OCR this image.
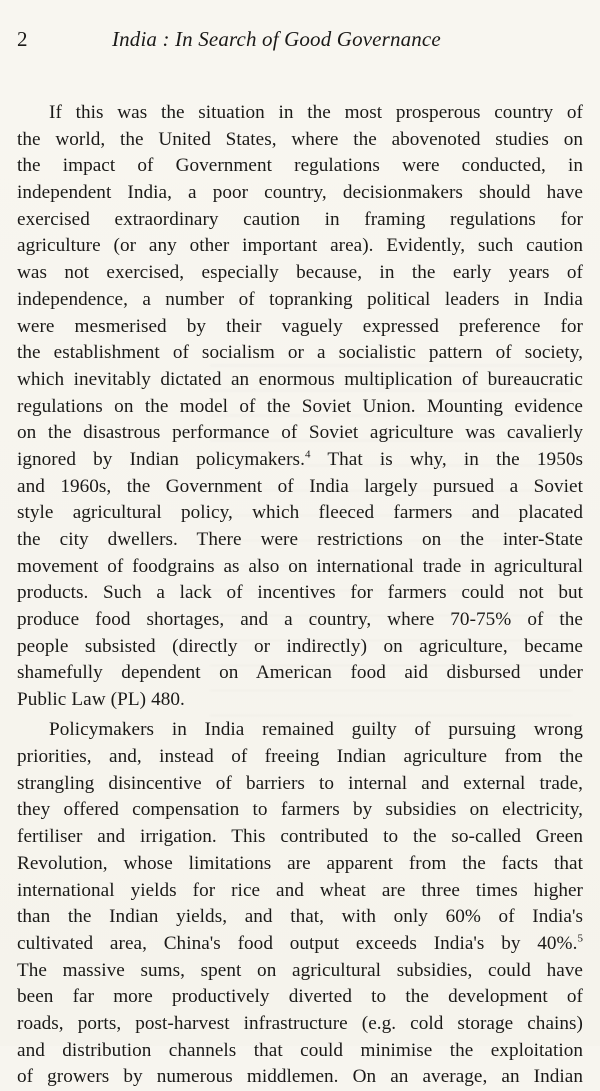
2	India : In Search of Good Governance

If this was the situation in the most prosperous country of
the world, the United States, where the abovenoted studies on
the impact of Government regulations were conducted, in
independent India, a poor country, decisionmakers should have
exercised extraordinary caution in framing regulations for
agriculture (or any other important area). Evidently, such caution
was not exercised, especially because, in the early years of
independence, a number of topranking political leaders in India
were mesmerised by their vaguely expressed preference for
the establishment of socialism or a socialistic pattern of society,
which inevitably dictated an enormous multiplication of bureaucratic
regulations on the model of the Soviet Union. Mounting evidence
on the disastrous performance of Soviet agriculture was cavalierly
ignored by Indian policymakers.$^4$ That is why, in the 1950s
and 1960s, the Government of India largely pursued a Soviet
style agricultural policy, which fleeced farmers and placated
the city dwellers. There were restrictions on the inter-State
movement of foodgrains as also on international trade in agricultural
products. Such a lack of incentives for farmers could not but
produce food shortages, and a country, where 70-75% of the
people subsisted (directly or indirectly) on agriculture, became
shamefully dependent on American food aid disbursed under
Public Law (PL) 480.

Policymakers in India remained guilty of pursuing wrong
priorities, and, instead of freeing Indian agriculture from the
strangling disincentive of barriers to internal and external trade,
they offered compensation to farmers by subsidies on electricity,
fertiliser and irrigation. This contributed to the so-called Green
Revolution, whose limitations are apparent from the facts that
international yields for rice and wheat are three times higher
than the Indian yields, and that, with only 60% of India's
cultivated area, China's food output exceeds India's by 40%.$^5$
The massive sums, spent on agricultural subsidies, could have
been far more productively diverted to the development of
roads, ports, post-harvest infrastructure (e.g. cold storage chains)
and distribution channels that could minimise the exploitation
of growers by numerous middlemen. On an average, an Indian
